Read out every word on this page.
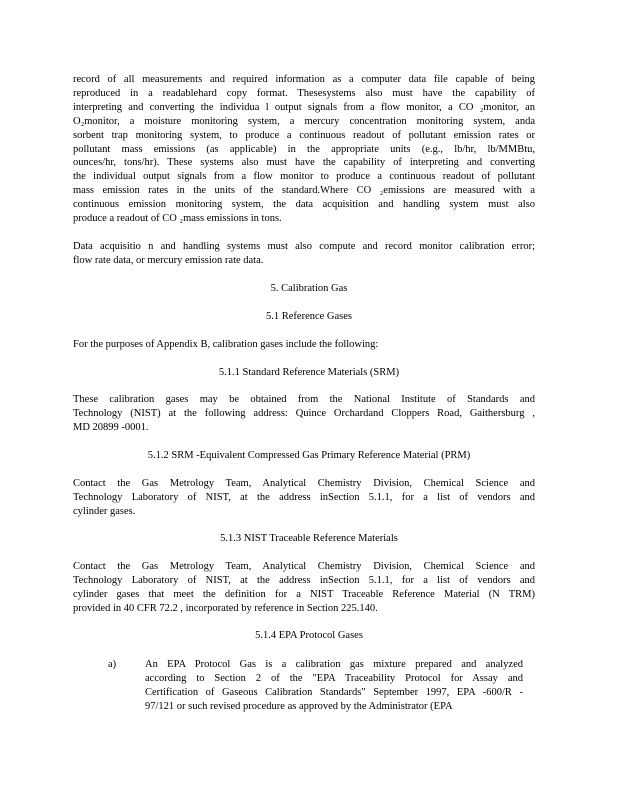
record of all measurements and required information as a computer data file capable of being
reproduced in a readablehard copy format. Thesesystems also must have the capability of
interpreting and converting the individua l output signals from a flow monitor, a CO ₂monitor, an
O₂monitor, a moisture monitoring system, a mercury concentration monitoring system, anda
sorbent trap monitoring system, to produce a continuous readout of pollutant emission rates or
pollutant mass emissions (as applicable) in the appropriate units (e.g., lb/hr, lb/MMBtu,
ounces/hr, tons/hr). These systems also must have the capability of interpreting and converting
the individual output signals from a flow monitor to produce a continuous readout of pollutant
mass emission rates in the units of the standard.Where CO ₂emissions are measured with a
continuous emission monitoring system, the data acquisition and handling system must also
produce a readout of CO ₂mass emissions in tons.
Data acquisitio n and handling systems must also compute and record monitor calibration error;
flow rate data, or mercury emission rate data.
5. Calibration Gas
5.1 Reference Gases
For the purposes of Appendix B, calibration gases include the following:
5.1.1 Standard Reference Materials (SRM)
These calibration gases may be obtained from the National Institute of Standards and
Technology (NIST) at the following address: Quince Orchardand Cloppers Road, Gaithersburg ,
MD 20899 -0001.
5.1.2 SRM -Equivalent Compressed Gas Primary Reference Material (PRM)
Contact the Gas Metrology Team, Analytical Chemistry Division, Chemical Science and
Technology Laboratory of NIST, at the address inSection 5.1.1, for a list of vendors and
cylinder gases.
5.1.3 NIST Traceable Reference Materials
Contact the Gas Metrology Team, Analytical Chemistry Division, Chemical Science and
Technology Laboratory of NIST, at the address inSection 5.1.1, for a list of vendors and
cylinder gases that meet the definition for a NIST Traceable Reference Material (N TRM)
provided in 40 CFR 72.2 , incorporated by reference in Section 225.140.
5.1.4 EPA Protocol Gases
a)	An EPA Protocol Gas is a calibration gas mixture prepared and analyzed
according to Section 2 of the "EPA Traceability Protocol for Assay and
Certification of Gaseous Calibration Standards" September 1997, EPA -600/R -
97/121 or such revised procedure as approved by the Administrator (EPA
